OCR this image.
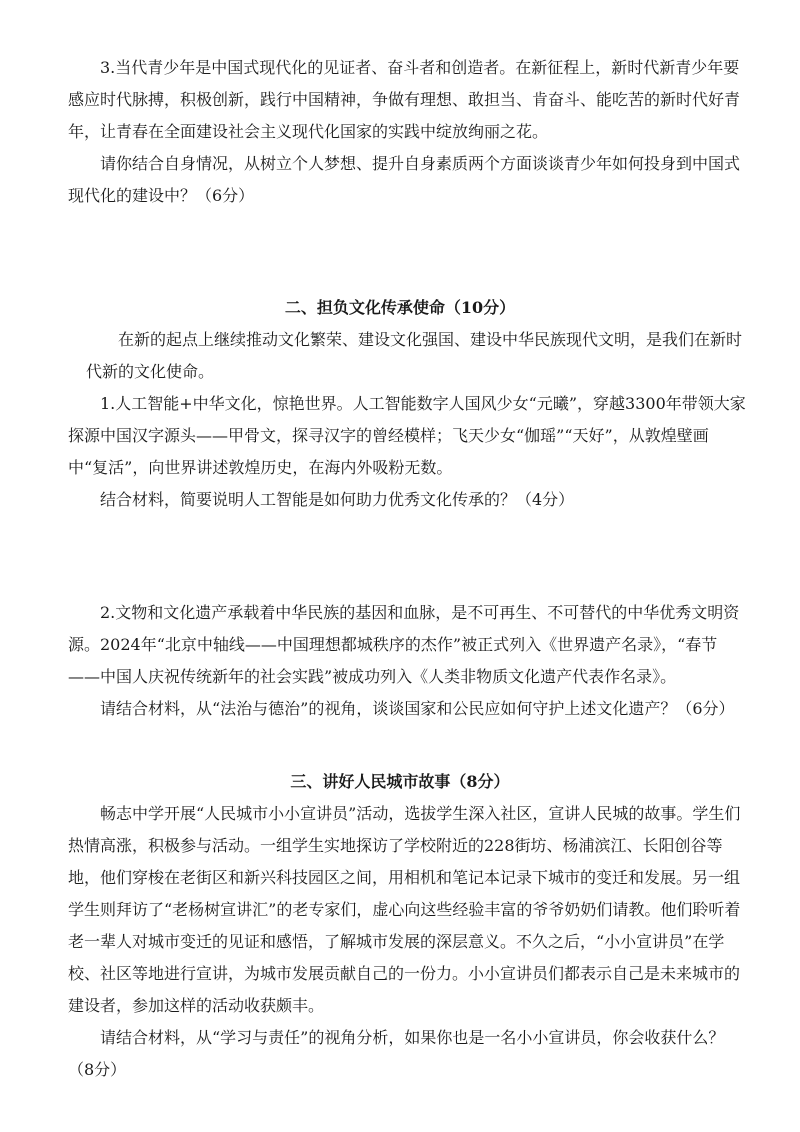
3.当代青少年是中国式现代化的见证者、奋斗者和创造者。在新征程上，新时代新青少年要感应时代脉搏，积极创新，践行中国精神，争做有理想、敢担当、肯奋斗、能吃苦的新时代好青年，让青春在全面建设社会主义现代化国家的实践中绽放绚丽之花。

请你结合自身情况，从树立个人梦想、提升自身素质两个方面谈谈青少年如何投身到中国式现代化的建设中？（6分）

二、担负文化传承使命（10分）

在新的起点上继续推动文化繁荣、建设文化强国、建设中华民族现代文明，是我们在新时代新的文化使命。

1.人工智能+中华文化，惊艳世界。人工智能数字人国风少女“元曦”，穿越3300年带领大家探源中国汉字源头——甲骨文，探寻汉字的曾经模样；飞天少女“伽瑶”“天好”，从敦煌壁画中“复活”，向世界讲述敦煌历史，在海内外吸粉无数。

结合材料，简要说明人工智能是如何助力优秀文化传承的？（4分）

2.文物和文化遗产承载着中华民族的基因和血脉，是不可再生、不可替代的中华优秀文明资源。2024年“北京中轴线——中国理想都城秩序的杰作”被正式列入《世界遗产名录》，“春节——中国人庆祝传统新年的社会实践”被成功列入《人类非物质文化遗产代表作名录》。

请结合材料，从“法治与德治”的视角，谈谈国家和公民应如何守护上述文化遗产？（6分）

三、讲好人民城市故事（8分）

畅志中学开展“人民城市小小宣讲员”活动，选拔学生深入社区，宣讲人民城的故事。学生们热情高涨，积极参与活动。一组学生实地探访了学校附近的228街坊、杨浦滨江、长阳创谷等地，他们穿梭在老街区和新兴科技园区之间，用相机和笔记本记录下城市的变迁和发展。另一组学生则拜访了“老杨树宣讲汇”的老专家们，虚心向这些经验丰富的爷爷奶奶们请教。他们聆听着老一辈人对城市变迁的见证和感悟，了解城市发展的深层意义。不久之后，“小小宣讲员”在学校、社区等地进行宣讲，为城市发展贡献自己的一份力。小小宣讲员们都表示自己是未来城市的建设者，参加这样的活动收获颇丰。

请结合材料，从“学习与责任”的视角分析，如果你也是一名小小宣讲员，你会收获什么？（8分）
